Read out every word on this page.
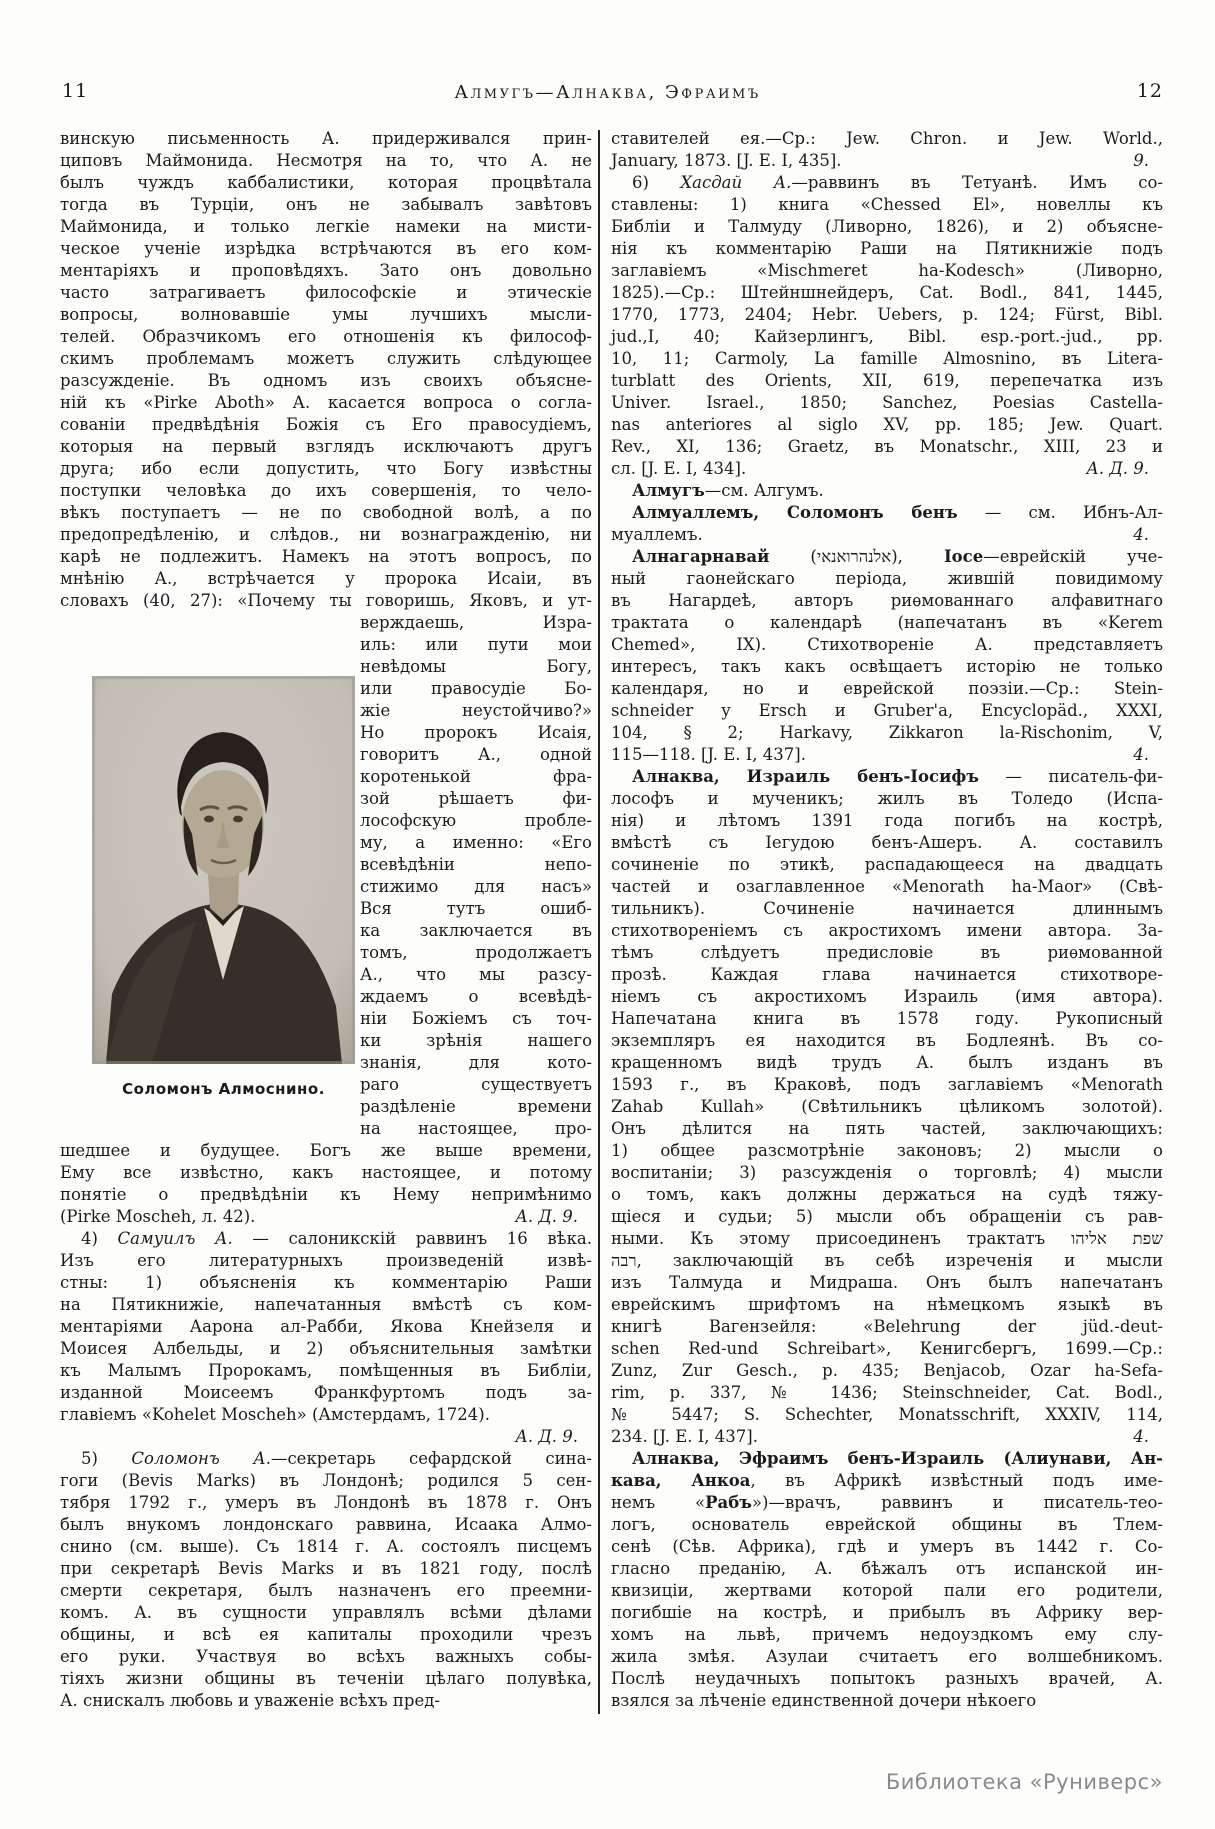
11	Алмугъ—Алнаква, Эфраимъ	12
винскую письменность А. придерживался прин-
циповъ Маймонида. Несмотря на то, что А. не
былъ чуждъ каббалистики, которая процвѣтала
тогда въ Турціи, онъ не забывалъ завѣтовъ
Маймонида, и только легкіе намеки на мисти-
ческое ученіе изрѣдка встрѣчаются въ его ком-
ментаріяхъ и проповѣдяхъ. Зато онъ довольно
часто затрагиваетъ философскіе и этическіе
вопросы, волновавшіе умы лучшихъ мысли-
телей. Образчикомъ его отношенія къ философ-
скимъ проблемамъ можетъ служить слѣдующее
разсужденіе. Въ одномъ изъ своихъ объясне-
ній къ «Pirke Aboth» А. касается вопроса о согла-
сованіи предвѣдѣнія Божія съ Его правосудіемъ,
которыя на первый взглядъ исключаютъ другъ
друга; ибо если допустить, что Богу извѣстны
поступки человѣка до ихъ совершенія, то чело-
вѣкъ поступаетъ — не по свободной волѣ, а по
предопредѣленію, и слѣдов., ни вознагражденію, ни
карѣ не подлежитъ. Намекъ на этотъ вопросъ, по
мнѣнію А., встрѣчается у пророка Исаіи, въ
словахъ (40, 27): «Почему ты говоришь, Яковъ, и ут-
Соломонъ Алмоснино.
верждаешь, Изра-
иль: или пути мои
невѣдомы Богу,
или правосудіе Бо-
жіе неустойчиво?»
Но пророкъ Исаія,
говоритъ А., одной
коротенькой фра-
зой рѣшаетъ фи-
лософскую пробле-
му, а именно: «Его
всевѣдѣніи непо-
стижимо для насъ»
Вся тутъ ошиб-
ка заключается въ
томъ, продолжаетъ
А., что мы разсу-
ждаемъ о всевѣдѣ-
ніи Божіемъ съ точ-
ки зрѣнія нашего
знанія, для кото-
раго существуетъ
раздѣленіе времени
на настоящее, про-
шедшее и будущее. Богъ же выше времени,
Ему все извѣстно, какъ настоящее, и потому
понятіе о предвѣдѣніи къ Нему непримѣнимо
(Pirke Moscheh, л. 42).	А. Д. 9.
4) Самуилъ А. — салоникскій раввинъ 16 вѣка.
Изъ его литературныхъ произведеній извѣ-
стны: 1) объясненія къ комментарію Раши
на Пятикнижіе, напечатанныя вмѣстѣ съ ком-
ментаріями Аарона ал-Рабби, Якова Кнейзеля и
Моисея Албельды, и 2) объяснительныя замѣтки
къ Малымъ Пророкамъ, помѣщенныя въ Библіи,
изданной Моисеемъ Франкфуртомъ подъ за-
главіемъ «Kohelet Moscheh» (Амстердамъ, 1724).
А. Д. 9.
5) Соломонъ А.—секретарь сефардской сина-
гоги (Bevis Marks) въ Лондонѣ; родился 5 сен-
тября 1792 г., умеръ въ Лондонѣ въ 1878 г. Онъ
былъ внукомъ лондонскаго раввина, Исаака Алмо-
снино (см. выше). Съ 1814 г. А. состоялъ писцемъ
при секретарѣ Bevis Marks и въ 1821 году, послѣ
смерти секретаря, былъ назначенъ его преемни-
комъ. А. въ сущности управлялъ всѣми дѣлами
общины, и всѣ ея капиталы проходили чрезъ
его руки. Участвуя во всѣхъ важныхъ собы-
тіяхъ жизни общины въ теченіи цѣлаго полувѣка,
А. снискалъ любовь и уваженіе всѣхъ пред-
ставителей ея.—Ср.: Jew. Chron. и Jew. World.,
January, 1873. [J. E. I, 435].	9.
6) Хасдай А.—раввинъ въ Тетуанѣ. Имъ со-
ставлены: 1) книга «Chessed El», новеллы къ
Библіи и Талмуду (Ливорно, 1826), и 2) объясне-
нія къ комментарію Раши на Пятикнижіе подъ
заглавіемъ «Mischmeret ha-Kodesch» (Ливорно,
1825).—Ср.: Штейншнейдеръ, Cat. Bodl., 841, 1445,
1770, 1773, 2404; Hebr. Uebers, p. 124; Fürst, Bibl.
jud.,I, 40; Кайзерлингъ, Bibl. esp.-port.-jud., pp.
10, 11; Carmoly, La famille Almosnino, въ Litera-
turblatt des Orients, XII, 619, перепечатка изъ
Univer. Israel., 1850; Sanchez, Poesias Castella-
nas anteriores al siglo XV, pp. 185; Jew. Quart.
Rev., XI, 136; Graetz, въ Monatschr., XIII, 23 и
сл. [J. E. I, 434].	А. Д. 9.
Алмугъ—см. Алгумъ.
Алмуаллемъ, Соломонъ бенъ — см. Ибнъ-Ал-
муаллемъ.	4.
Алнагарнавай (אלנהרואנאי), Іосе—еврейскій уче-
ный гаонейскаго періода, жившій повидимому
въ Нагардеѣ, авторъ риѳмованнаго алфавитнаго
трактата о календарѣ (напечатанъ въ «Kerem
Chemed», IX). Стихотвореніе А. представляетъ
интересъ, такъ какъ освѣщаетъ исторію не только
календаря, но и еврейской поэзіи.—Ср.: Stein-
schneider у Ersch и Gruber'a, Encyclopäd., XXXI,
104, § 2; Harkavy, Zikkaron la-Rischonim, V,
115—118. [J. E. I, 437].	4.
Алнаква, Израиль бенъ-Іосифъ — писатель-фи-
лософъ и мученикъ; жилъ въ Толедо (Испа-
нія) и лѣтомъ 1391 года погибъ на кострѣ,
вмѣстѣ съ Іегудою бенъ-Ашеръ. А. составилъ
сочиненіе по этикѣ, распадающееся на двадцать
частей и озаглавленное «Menorath ha-Maor» (Свѣ-
тильникъ). Сочиненіе начинается длиннымъ
стихотвореніемъ съ акростихомъ имени автора. За-
тѣмъ слѣдуетъ предисловіе въ риѳмованной
прозѣ. Каждая глава начинается стихотворе-
ніемъ съ акростихомъ Израиль (имя автора).
Напечатана книга въ 1578 году. Рукописный
экземпляръ ея находится въ Бодлеянѣ. Въ со-
кращенномъ видѣ трудъ А. былъ изданъ въ
1593 г., въ Краковѣ, подъ заглавіемъ «Menorath
Zahab Kullah» (Свѣтильникъ цѣликомъ золотой).
Онъ дѣлится на пять частей, заключающихъ:
1) общее разсмотрѣніе законовъ; 2) мысли о
воспитаніи; 3) разсужденія о торговлѣ; 4) мысли
о томъ, какъ должны держаться на судѣ тяжу-
щіеся и судьи; 5) мысли объ обращеніи съ рав-
ными. Къ этому присоединенъ трактатъ שפת אליהו
רבה, заключающій въ себѣ изреченія и мысли
изъ Талмуда и Мидраша. Онъ былъ напечатанъ
еврейскимъ шрифтомъ на нѣмецкомъ языкѣ въ
книгѣ Вагензейля: «Belehrung der jüd.-deut-
schen Red-und Schreibart», Кенигсбергъ, 1699.—Ср.:
Zunz, Zur Gesch., p. 435; Benjacob, Ozar ha-Sefa-
rim, p. 337, № 1436; Steinschneider, Cat. Bodl.,
№ 5447; S. Schechter, Monatsschrift, XXXIV, 114,
234. [J. E. I, 437].	4.
Алнаква, Эфраимъ бенъ-Израиль (Алиунави, Ан-
кава, Анкоа, въ Африкѣ извѣстный подъ име-
немъ «Рабъ»)—врачъ, раввинъ и писатель-тео-
логъ, основатель еврейской общины въ Тлем-
сенѣ (Сѣв. Африка), гдѣ и умеръ въ 1442 г. Со-
гласно преданію, А. бѣжалъ отъ испанской ин-
квизиціи, жертвами которой пали его родители,
погибшіе на кострѣ, и прибылъ въ Африку вер-
хомъ на львѣ, причемъ недоуздкомъ ему слу-
жила змѣя. Азулаи считаетъ его волшебникомъ.
Послѣ неудачныхъ попытокъ разныхъ врачей, А.
взялся за лѣченіе единственной дочери нѣкоего
Библиотека «Руниверс»
